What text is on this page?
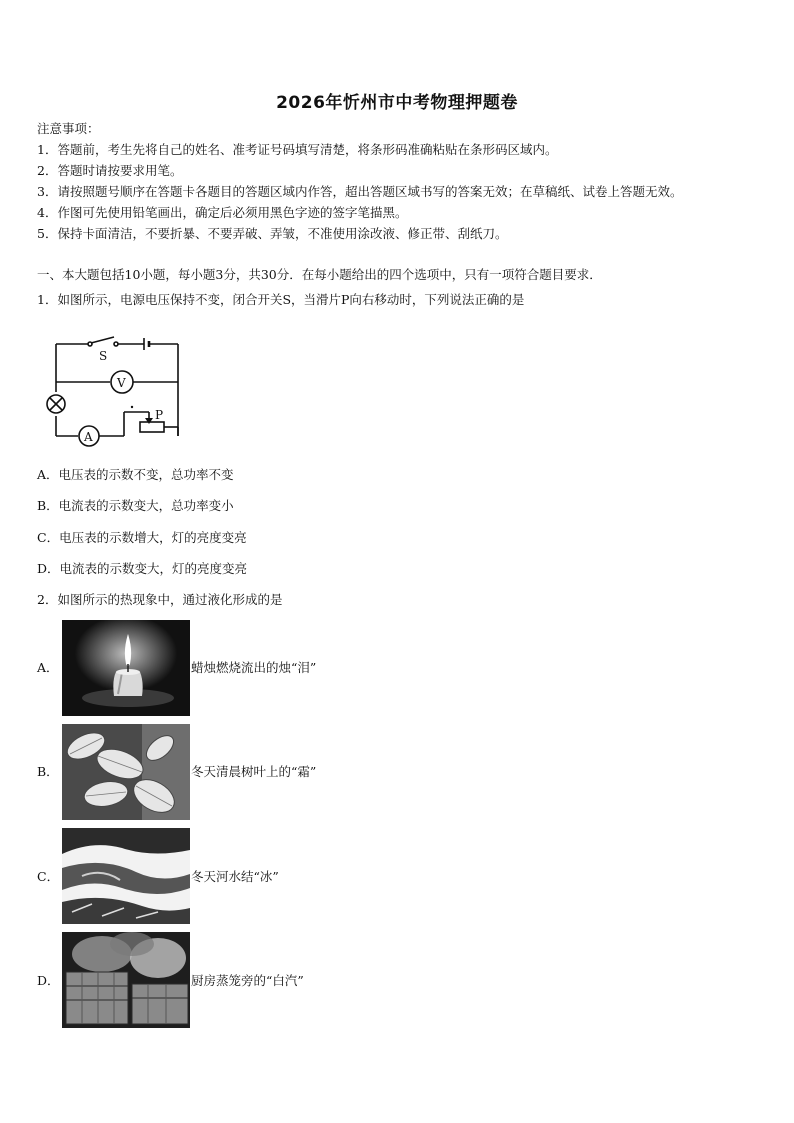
2026年忻州市中考物理押题卷
注意事项：
1．答题前，考生先将自己的姓名、准考证号码填写清楚，将条形码准确粘贴在条形码区域内。
2．答题时请按要求用笔。
3．请按照题号顺序在答题卡各题目的答题区域内作答，超出答题区域书写的答案无效；在草稿纸、试卷上答题无效。
4．作图可先使用铅笔画出，确定后必须用黑色字迹的签字笔描黑。
5．保持卡面清洁，不要折暴、不要弄破、弄皱，不准使用涂改液、修正带、刮纸刀。
一、本大题包括10小题，每小题3分，共30分．在每小题给出的四个选项中，只有一项符合题目要求．
1．如图所示，电源电压保持不变，闭合开关S，当滑片P向右移动时，下列说法正确的是
S
V
A
P
A．电压表的示数不变，总功率不变
B．电流表的示数变大，总功率变小
C．电压表的示数增大，灯的亮度变亮
D．电流表的示数变大，灯的亮度变亮
2．如图所示的热现象中，通过液化形成的是
A．	蜡烛燃烧流出的烛“泪”
B．	冬天清晨树叶上的“霜”
C．	冬天河水结“冰”
D．	厨房蒸笼旁的“白汽”
